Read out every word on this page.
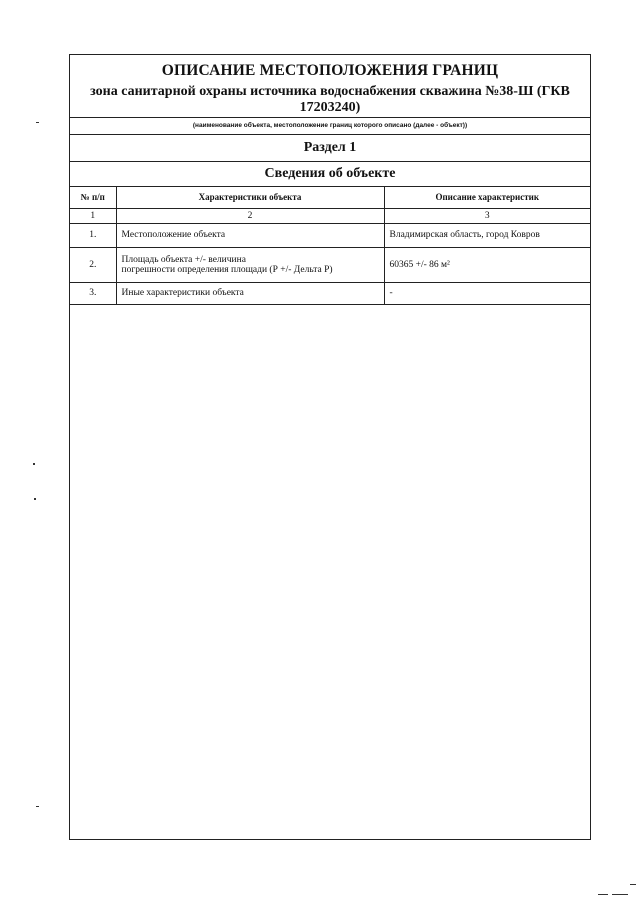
ОПИСАНИЕ МЕСТОПОЛОЖЕНИЯ ГРАНИЦ
зона санитарной охраны источника водоснабжения скважина №38-Ш (ГКВ 17203240)
(наименование объекта, местоположение границ которого описано (далее - объект))
Раздел 1
Сведения об объекте
№ п/п	Характеристики объекта	Описание характеристик
1	2	3
1.	Местоположение объекта	Владимирская область, город Ковров
2.	Площадь объекта +/- величина
погрешности определения площади (Р +/- Дельта Р)	60365 +/- 86 м²
3.	Иные характеристики объекта	-
